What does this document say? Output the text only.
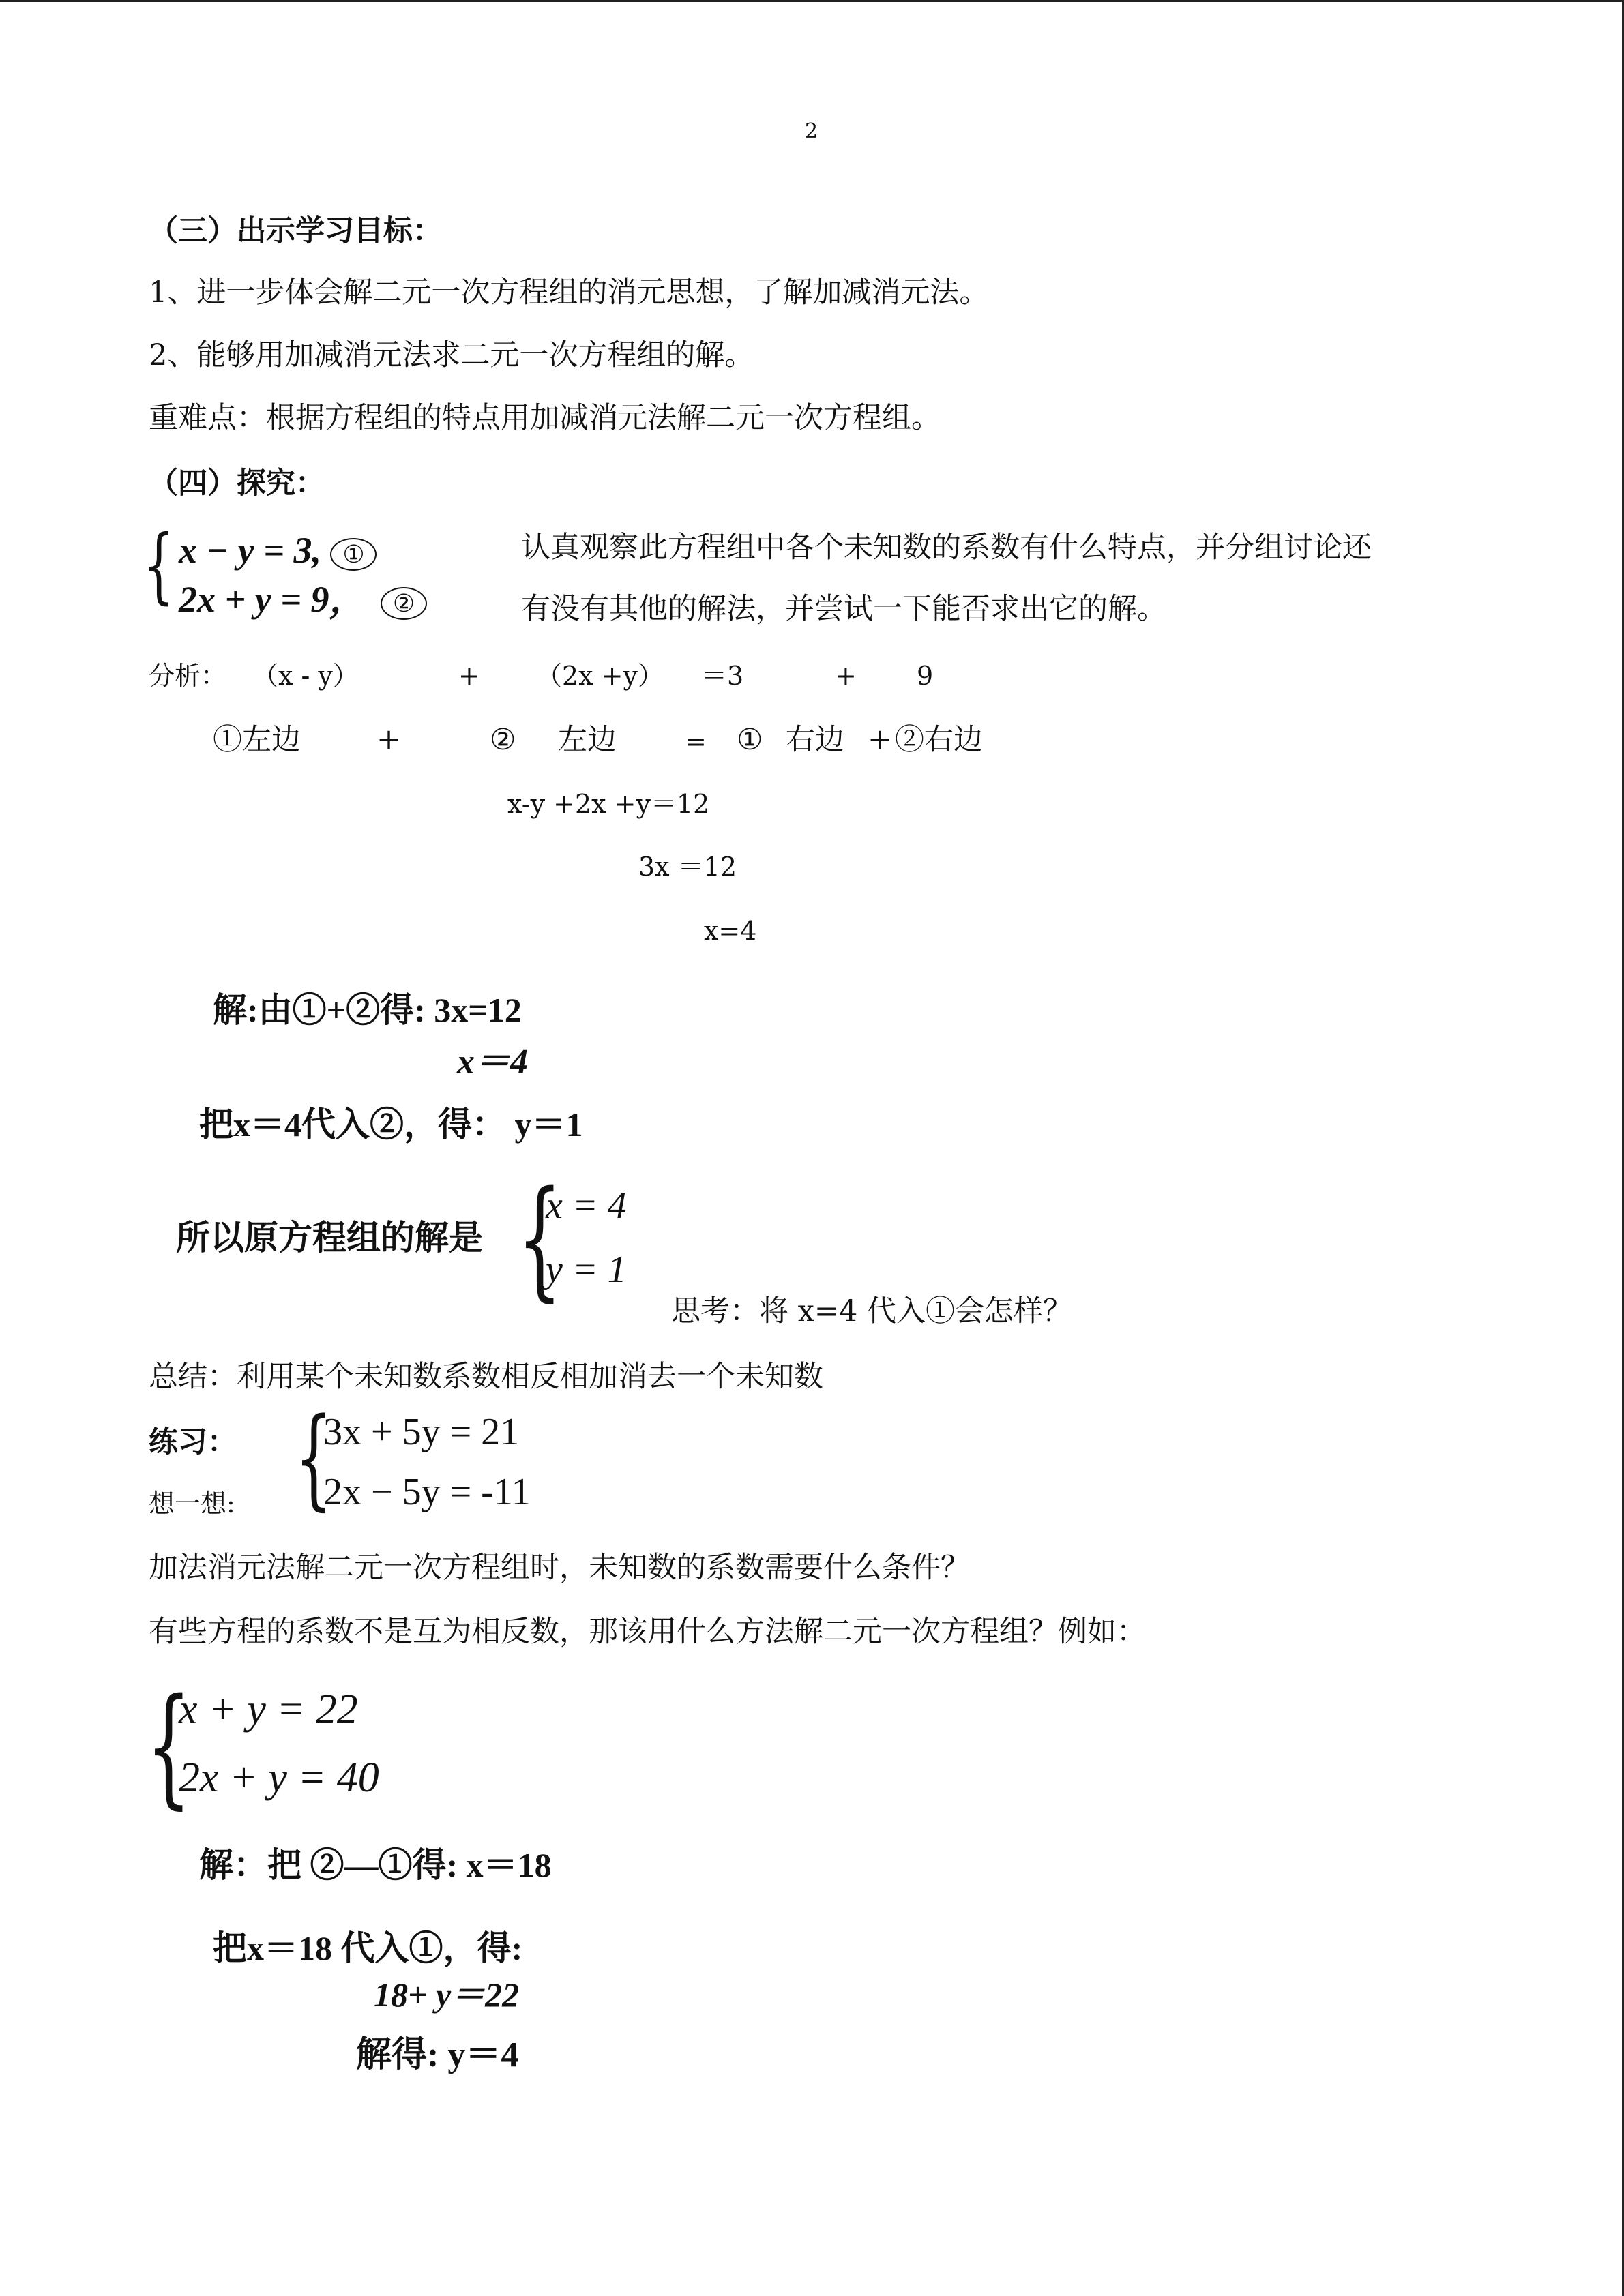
2
（三）出示学习目标：
1、进一步体会解二元一次方程组的消元思想，了解加减消元法。
2、能够用加减消元法求二元一次方程组的解。
重难点：根据方程组的特点用加减消元法解二元一次方程组。
（四）探究：
{ x − y = 3, ①
2x + y = 9， ②
认真观察此方程组中各个未知数的系数有什么特点，并分组讨论还
有没有其他的解法，并尝试一下能否求出它的解。
分析： （x - y）	+ （2x +y） ＝3	+ 9
①左边	+	② 左边	= ① 右边 + ②右边
x-y +2x +y＝12
3x ＝12
x=4
解:由①+②得: 3x=12
x＝4
把x＝4代入②，得： y＝1
所以原方程组的解是 {
x = 4
y = 1
思考：将 x=4 代入①会怎样？
总结：利用某个未知数系数相反相加消去一个未知数
练习：
想一想: {
3x + 5y = 21
2x − 5y = -11
加法消元法解二元一次方程组时，未知数的系数需要什么条件？
有些方程的系数不是互为相反数，那该用什么方法解二元一次方程组？例如：
{
x + y = 22
2x + y = 40
解：把 ②—①得: x＝18
把x＝18 代入①，得:
18+ y＝22
解得: y＝4
